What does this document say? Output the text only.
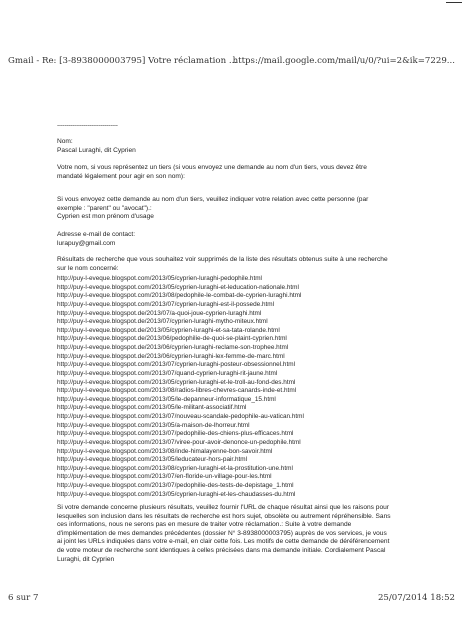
Gmail - Re: [3-8938000003795] Votre réclamation ...
https://mail.google.com/mail/u/0/?ui=2&ik=7229...
--------------------------------

Nom:

Pascal Luraghi, dit Cyprien

Votre nom, si vous représentez un tiers (si vous envoyez une demande au nom d'un tiers, vous devez être mandaté légalement pour agir en son nom):

Si vous envoyez cette demande au nom d'un tiers, veuillez indiquer votre relation avec cette personne (par exemple : "parent" ou "avocat").:

Cyprien est mon prénom d'usage

Adresse e-mail de contact:

lurapuy@gmail.com

Résultats de recherche que vous souhaitez voir supprimés de la liste des résultats obtenus suite à une recherche sur le nom concerné:

http://puy-l-eveque.blogspot.com/2013/05/cyprien-luraghi-pedophile.html
http://puy-l-eveque.blogspot.com/2013/05/cyprien-luraghi-et-leducation-nationale.html
http://puy-l-eveque.blogspot.com/2013/08/pedophile-le-combat-de-cyprien-luraghi.html
http://puy-l-eveque.blogspot.com/2013/07/cyprien-luraghi-est-il-possede.html
http://puy-l-eveque.blogspot.de/2013/07/a-quoi-joue-cyprien-luraghi.html
http://puy-l-eveque.blogspot.de/2013/07/cyprien-luraghi-mytho-miteux.html
http://puy-l-eveque.blogspot.de/2013/05/cyprien-luraghi-et-sa-tata-rolande.html
http://puy-l-eveque.blogspot.de/2013/06/pedophilie-de-quoi-se-plaint-cyprien.html
http://puy-l-eveque.blogspot.de/2013/06/cyprien-luraghi-reclame-son-trophee.html
http://puy-l-eveque.blogspot.de/2013/06/cyprien-luraghi-lex-femme-de-marc.html
http://puy-l-eveque.blogspot.com/2013/07/cyprien-luraghi-posteur-obsessionnel.html
http://puy-l-eveque.blogspot.com/2013/07/quand-cyprien-luraghi-rit-jaune.html
http://puy-l-eveque.blogspot.com/2013/05/cyprien-luraghi-et-le-troll-au-fond-des.html
http://puy-l-eveque.blogspot.com/2013/08/radios-libres-chevres-canards-inde-et.html
http://puy-l-eveque.blogspot.com/2013/05/le-depanneur-informatique_15.html
http://puy-l-eveque.blogspot.com/2013/05/le-militant-associatif.html
http://puy-l-eveque.blogspot.com/2013/07/nouveau-scandale-pedophile-au-vatican.html
http://puy-l-eveque.blogspot.com/2013/05/a-maison-de-lhorreur.html
http://puy-l-eveque.blogspot.com/2013/07/pedophilie-des-chiens-plus-efficaces.html
http://puy-l-eveque.blogspot.com/2013/07/viree-pour-avoir-denonce-un-pedophile.html
http://puy-l-eveque.blogspot.com/2013/08/inde-himalayenne-bon-savoir.html
http://puy-l-eveque.blogspot.com/2013/05/leducateur-hors-pair.html
http://puy-l-eveque.blogspot.com/2013/08/cyprien-luraghi-et-la-prostitution-une.html
http://puy-l-eveque.blogspot.com/2013/07/en-floride-un-village-pour-les.html
http://puy-l-eveque.blogspot.com/2013/07/pedophilie-des-tests-de-depistage_1.html
http://puy-l-eveque.blogspot.com/2013/05/cyprien-luraghi-et-les-chaudasses-du.html

Si votre demande concerne plusieurs résultats, veuillez fournir l'URL de chaque résultat ainsi que les raisons pour lesquelles son inclusion dans les résultats de recherche est hors sujet, obsolète ou autrement répréhensible. Sans ces informations, nous ne serons pas en mesure de traiter votre réclamation.: Suite à votre demande d'implémentation de mes demandes précédentes (dossier N° 3-8938000003795) auprès de vos services, je vous ai joint les URLs indiquées dans votre e-mail, en clair cette fois. Les motifs de cette demande de déréférencement de votre moteur de recherche sont identiques à celles précisées dans ma demande initiale. Cordialement Pascal Luraghi, dit Cyprien

6 sur 7	25/07/2014 18:52
